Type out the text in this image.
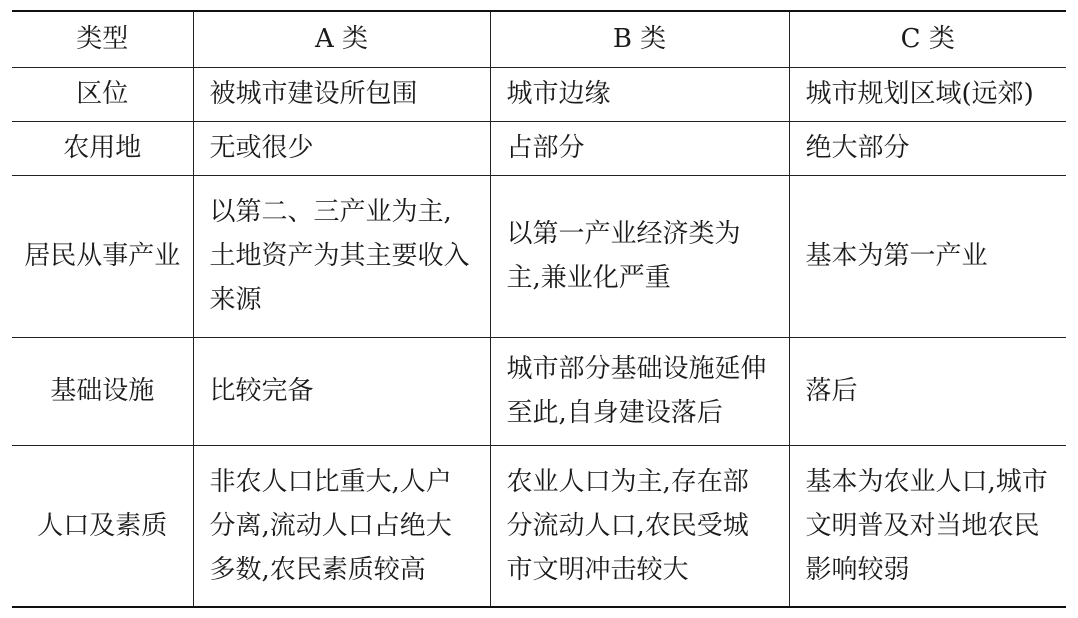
类型	A 类	B 类	C 类
区位	被城市建设所包围	城市边缘	城市规划区域(远郊)

农用地	无或很少	占部分	绝大部分

居民从事产业	以第二、三产业为主,土地资产为其主要收入来源	以第一产业经济类为主,兼业化严重	基本为第一产业

基础设施	比较完备	城市部分基础设施延伸至此,自身建设落后	落后

人口及素质	非农人口比重大,人户分离,流动人口占绝大多数,农民素质较高	农业人口为主,存在部分流动人口,农民受城市文明冲击较大	基本为农业人口,城市文明普及对当地农民影响较弱
